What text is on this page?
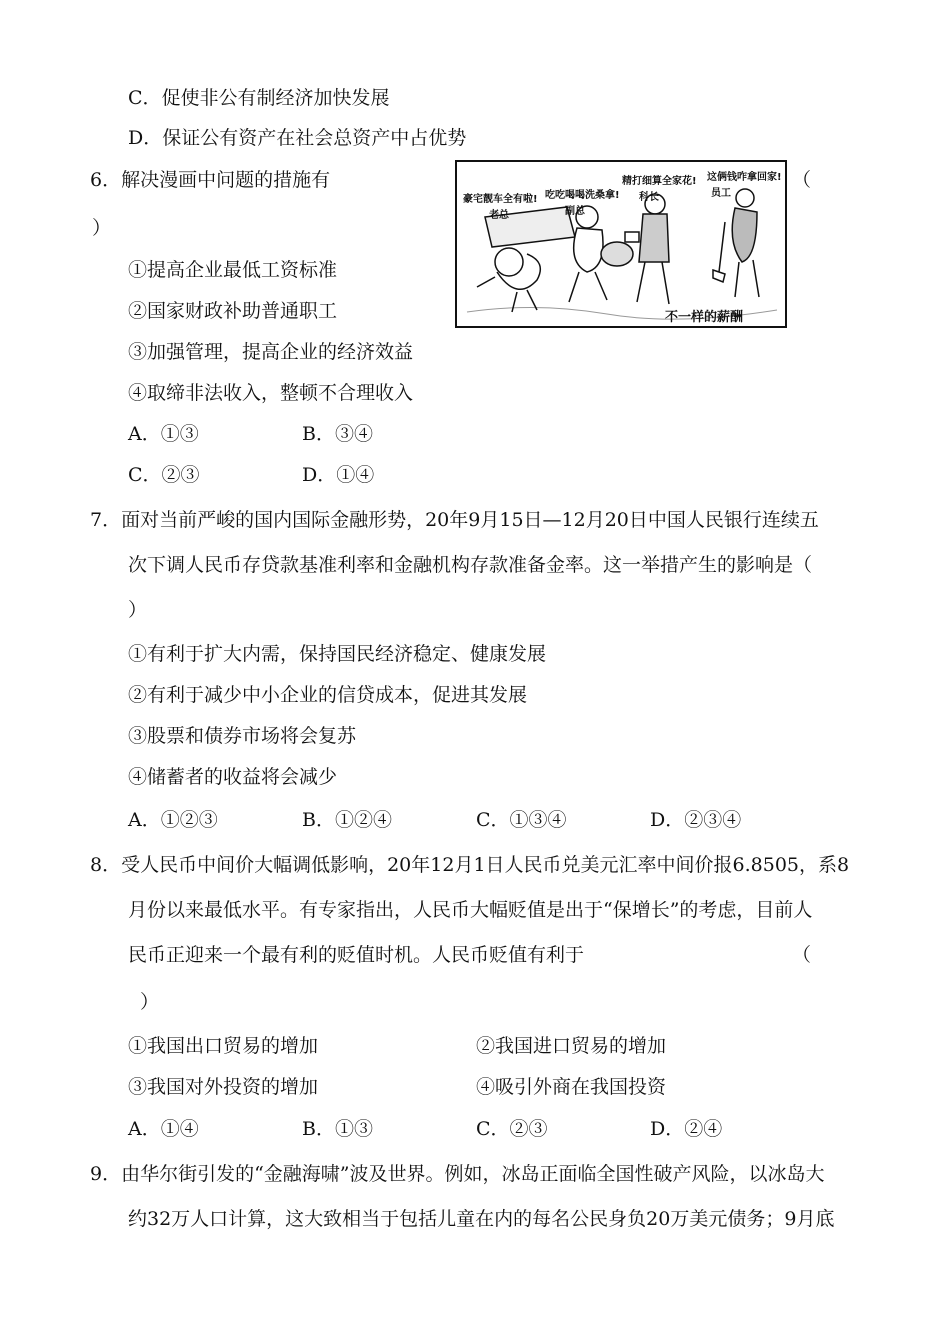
C．促使非公有制经济加快发展
D．保证公有资产在社会总资产中占优势
6．解决漫画中问题的措施有	（
）
豪宅靓车全有啦!
老总
吃吃喝喝洗桑拿!
副总
精打细算全家花!
科长
这俩钱咋拿回家!
员工
不一样的薪酬
①提高企业最低工资标准
②国家财政补助普通职工
③加强管理，提高企业的经济效益
④取缔非法收入，整顿不合理收入
A．①③	B．③④
C．②③	D．①④
7．面对当前严峻的国内国际金融形势，20年9月15日—12月20日中国人民银行连续五
次下调人民币存贷款基准利率和金融机构存款准备金率。这一举措产生的影响是（
）
①有利于扩大内需，保持国民经济稳定、健康发展
②有利于减少中小企业的信贷成本，促进其发展
③股票和债券市场将会复苏
④储蓄者的收益将会减少
A．①②③	B．①②④	C．①③④	D．②③④
8．受人民币中间价大幅调低影响，20年12月1日人民币兑美元汇率中间价报6.8505，系8
月份以来最低水平。有专家指出，人民币大幅贬值是出于“保增长”的考虑，目前人
民币正迎来一个最有利的贬值时机。人民币贬值有利于	（
）
①我国出口贸易的增加	②我国进口贸易的增加
③我国对外投资的增加	④吸引外商在我国投资
A．①④	B．①③	C．②③	D．②④
9．由华尔街引发的“金融海啸”波及世界。例如，冰岛正面临全国性破产风险，以冰岛大
约32万人口计算，这大致相当于包括儿童在内的每名公民身负20万美元债务；9月底
